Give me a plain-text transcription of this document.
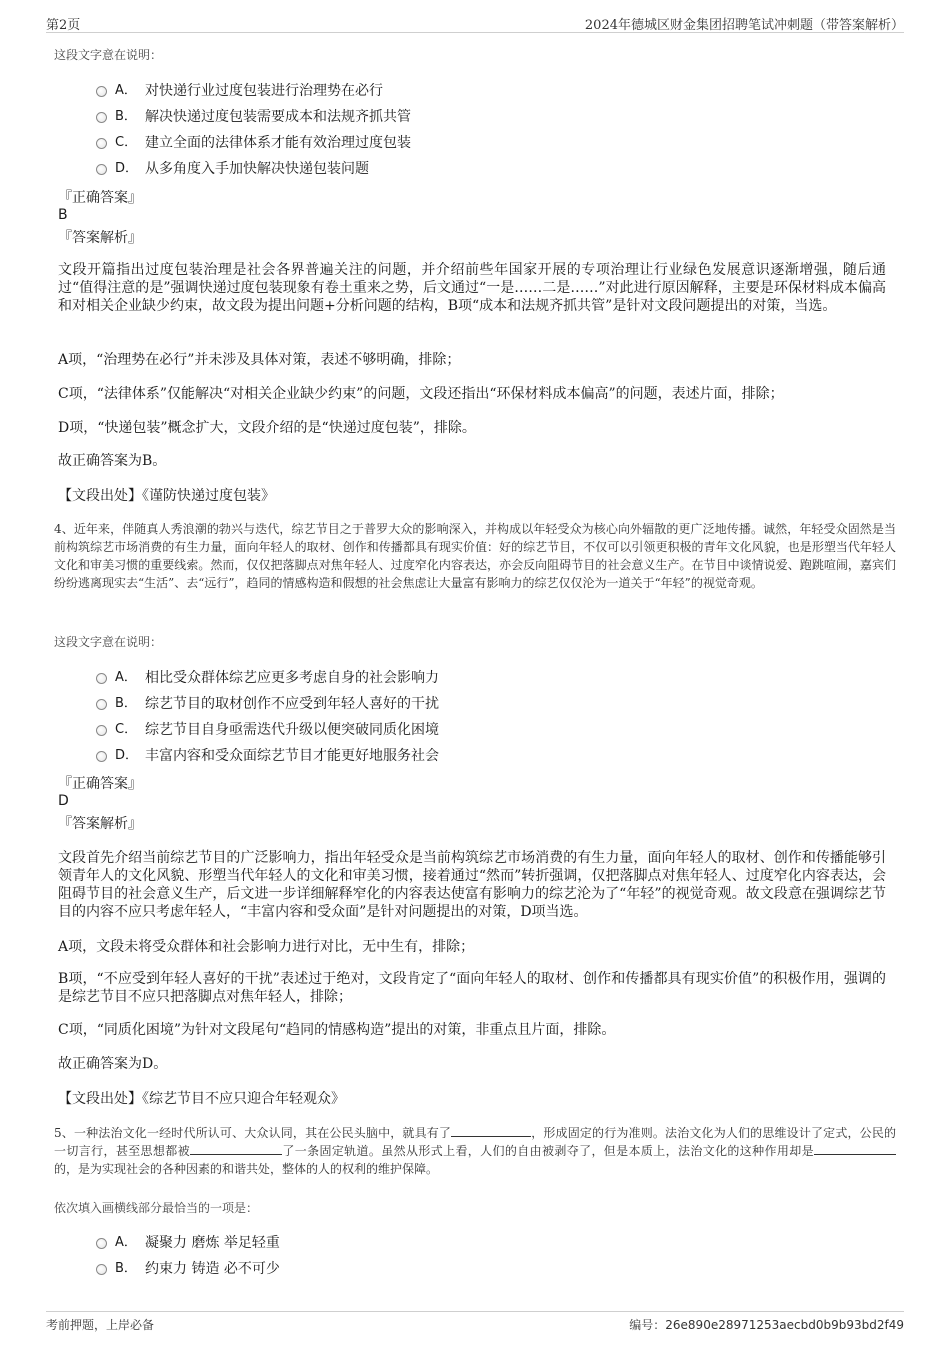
第2页	2024年德城区财金集团招聘笔试冲刺题（带答案解析）
这段文字意在说明：
A． 对快递行业过度包装进行治理势在必行
B． 解决快递过度包装需要成本和法规齐抓共管
C． 建立全面的法律体系才能有效治理过度包装
D． 从多角度入手加快解决快递包装问题
『正确答案』
B
『答案解析』
文段开篇指出过度包装治理是社会各界普遍关注的问题，并介绍前些年国家开展的专项治理让行业绿色发展意识逐渐增强，随后通过“值得注意的是”强调快递过度包装现象有卷土重来之势，后文通过“一是……二是……”对此进行原因解释，主要是环保材料成本偏高和对相关企业缺少约束，故文段为提出问题+分析问题的结构，B项“成本和法规齐抓共管”是针对文段问题提出的对策，当选。
A项，“治理势在必行”并未涉及具体对策，表述不够明确，排除；
C项，“法律体系”仅能解决“对相关企业缺少约束”的问题，文段还指出“环保材料成本偏高”的问题，表述片面，排除；
D项，“快递包装”概念扩大，文段介绍的是“快递过度包装”，排除。
故正确答案为B。
【文段出处】《谨防快递过度包装》
4、近年来，伴随真人秀浪潮的勃兴与迭代，综艺节目之于普罗大众的影响深入，并构成以年轻受众为核心向外辐散的更广泛地传播。诚然，年轻受众固然是当前构筑综艺市场消费的有生力量，面向年轻人的取材、创作和传播都具有现实价值：好的综艺节目，不仅可以引领更积极的青年文化风貌，也是形塑当代年轻人文化和审美习惯的重要线索。然而，仅仅把落脚点对焦年轻人、过度窄化内容表达，亦会反向阻碍节目的社会意义生产。在节目中谈情说爱、跑跳喧闹，嘉宾们纷纷逃离现实去“生活”、去“远行”，趋同的情感构造和假想的社会焦虑让大量富有影响力的综艺仅仅沦为一道关于“年轻”的视觉奇观。
这段文字意在说明：
A． 相比受众群体综艺应更多考虑自身的社会影响力
B． 综艺节目的取材创作不应受到年轻人喜好的干扰
C． 综艺节目自身亟需迭代升级以便突破同质化困境
D． 丰富内容和受众面综艺节目才能更好地服务社会
『正确答案』
D
『答案解析』
文段首先介绍当前综艺节目的广泛影响力，指出年轻受众是当前构筑综艺市场消费的有生力量，面向年轻人的取材、创作和传播能够引领青年人的文化风貌、形塑当代年轻人的文化和审美习惯，接着通过“然而”转折强调，仅把落脚点对焦年轻人、过度窄化内容表达，会阻碍节目的社会意义生产，后文进一步详细解释窄化的内容表达使富有影响力的综艺沦为了“年轻”的视觉奇观。故文段意在强调综艺节目的内容不应只考虑年轻人，“丰富内容和受众面”是针对问题提出的对策，D项当选。
A项，文段未将受众群体和社会影响力进行对比，无中生有，排除；
B项，“不应受到年轻人喜好的干扰”表述过于绝对，文段肯定了“面向年轻人的取材、创作和传播都具有现实价值”的积极作用，强调的是综艺节目不应只把落脚点对焦年轻人，排除；
C项，“同质化困境”为针对文段尾句“趋同的情感构造”提出的对策，非重点且片面，排除。
故正确答案为D。
【文段出处】《综艺节目不应只迎合年轻观众》
5、一种法治文化一经时代所认可、大众认同，其在公民头脑中，就具有了	，形成固定的行为准则。法治文化为人们的思维设计了定式，公民的一切言行，甚至思想都被	了一条固定轨道。虽然从形式上看，人们的自由被剥夺了，但是本质上，法治文化的这种作用却是的，是为实现社会的各种因素的和谐共处，整体的人的权利的维护保障。
依次填入画横线部分最恰当的一项是：
A． 凝聚力 磨炼 举足轻重
B． 约束力 铸造 必不可少
考前押题，上岸必备	编号：26e890e28971253aecbd0b9b93bd2f49
